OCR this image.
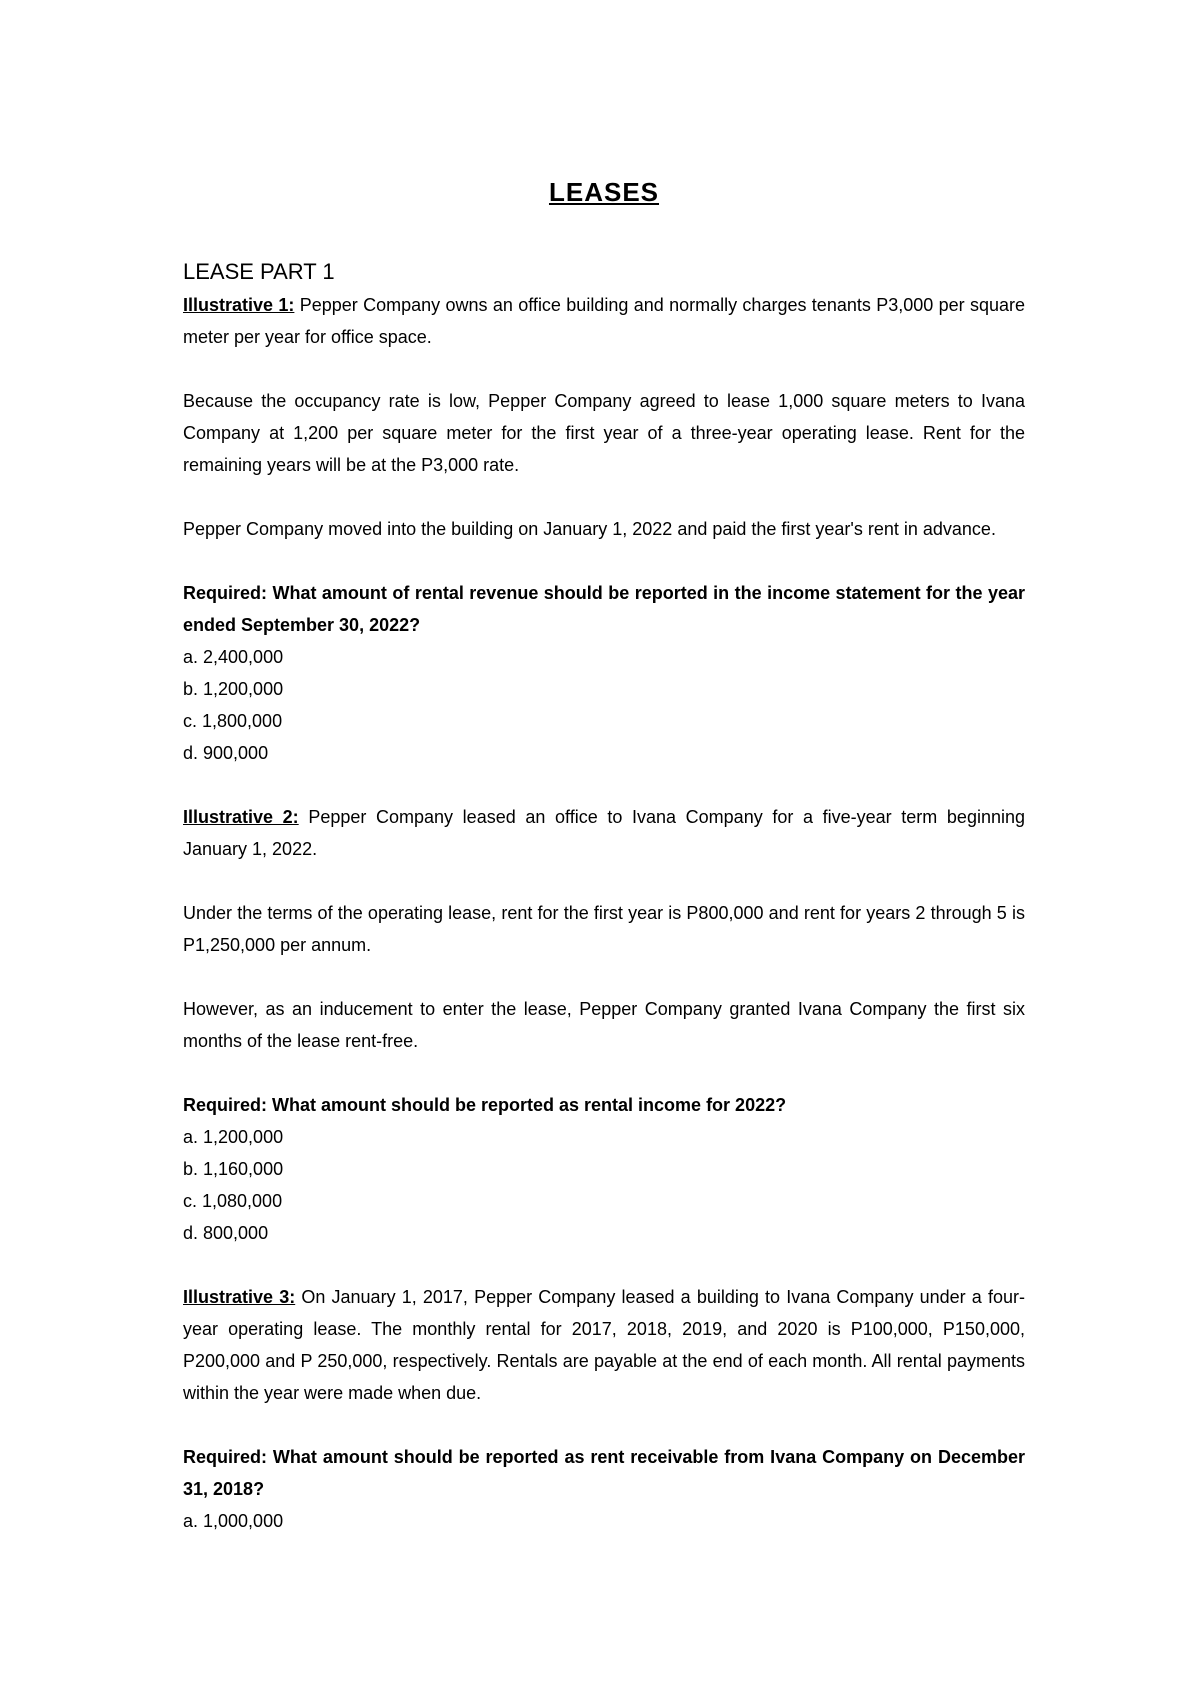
LEASES
LEASE PART 1

Illustrative 1: Pepper Company owns an office building and normally charges tenants P3,000 per square meter per year for office space.

Because the occupancy rate is low, Pepper Company agreed to lease 1,000 square meters to Ivana Company at 1,200 per square meter for the first year of a three-year operating lease. Rent for the remaining years will be at the P3,000 rate.

Pepper Company moved into the building on January 1, 2022 and paid the first year's rent in advance.

Required: What amount of rental revenue should be reported in the income statement for the year ended September 30, 2022?

a. 2,400,000
b. 1,200,000
c. 1,800,000
d. 900,000

Illustrative 2: Pepper Company leased an office to Ivana Company for a five-year term beginning January 1, 2022.

Under the terms of the operating lease, rent for the first year is P800,000 and rent for years 2 through 5 is P1,250,000 per annum.

However, as an inducement to enter the lease, Pepper Company granted Ivana Company the first six months of the lease rent-free.

Required: What amount should be reported as rental income for 2022?

a. 1,200,000
b. 1,160,000
c. 1,080,000
d. 800,000

Illustrative 3: On January 1, 2017, Pepper Company leased a building to Ivana Company under a four-year operating lease. The monthly rental for 2017, 2018, 2019, and 2020 is P100,000, P150,000, P200,000 and P 250,000, respectively. Rentals are payable at the end of each month. All rental payments within the year were made when due.

Required: What amount should be reported as rent receivable from Ivana Company on December 31, 2018?

a. 1,000,000
